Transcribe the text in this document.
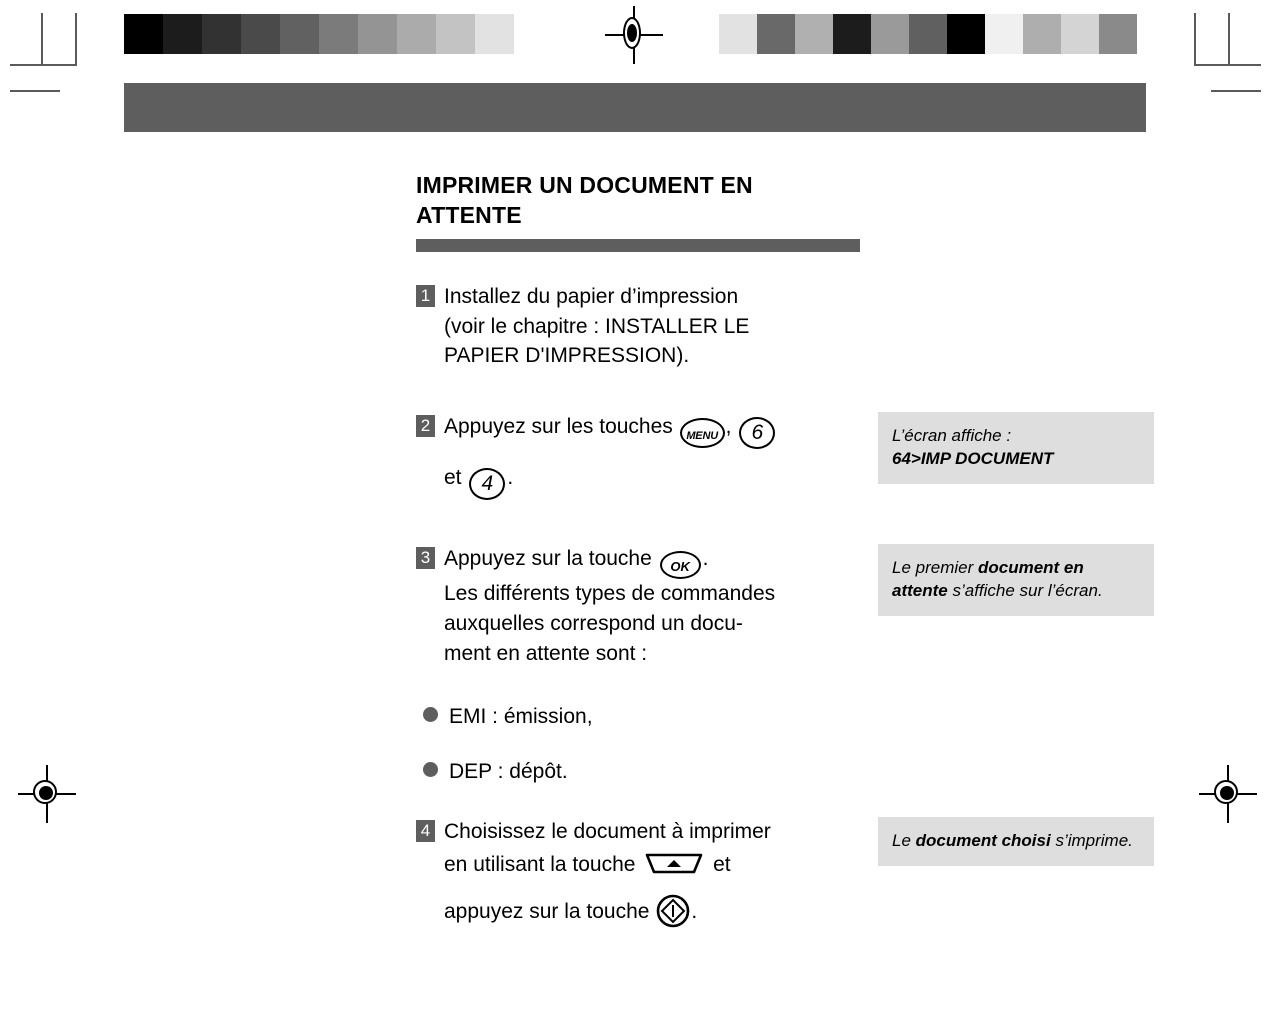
IMPRIMER UN DOCUMENT EN
ATTENTE
1 Installez du papier d’impression

(voir le chapitre : INSTALLER LE

PAPIER D'IMPRESSION).

2 Appuyez sur les touches MENU , 6

et 4 .

L’écran affiche :
64>IMP DOCUMENT
3 Appuyez sur la touche OK .

Les différents types de commandes

auxquelles correspond un docu-

ment en attente sont :

Le premier document en attente s’affiche sur l’écran.
EMI : émission,
DEP : dépôt.
4 Choisissez le document à imprimer

en utilisant la touche	et

appuyez sur la touche
.

Le document choisi s’imprime.
